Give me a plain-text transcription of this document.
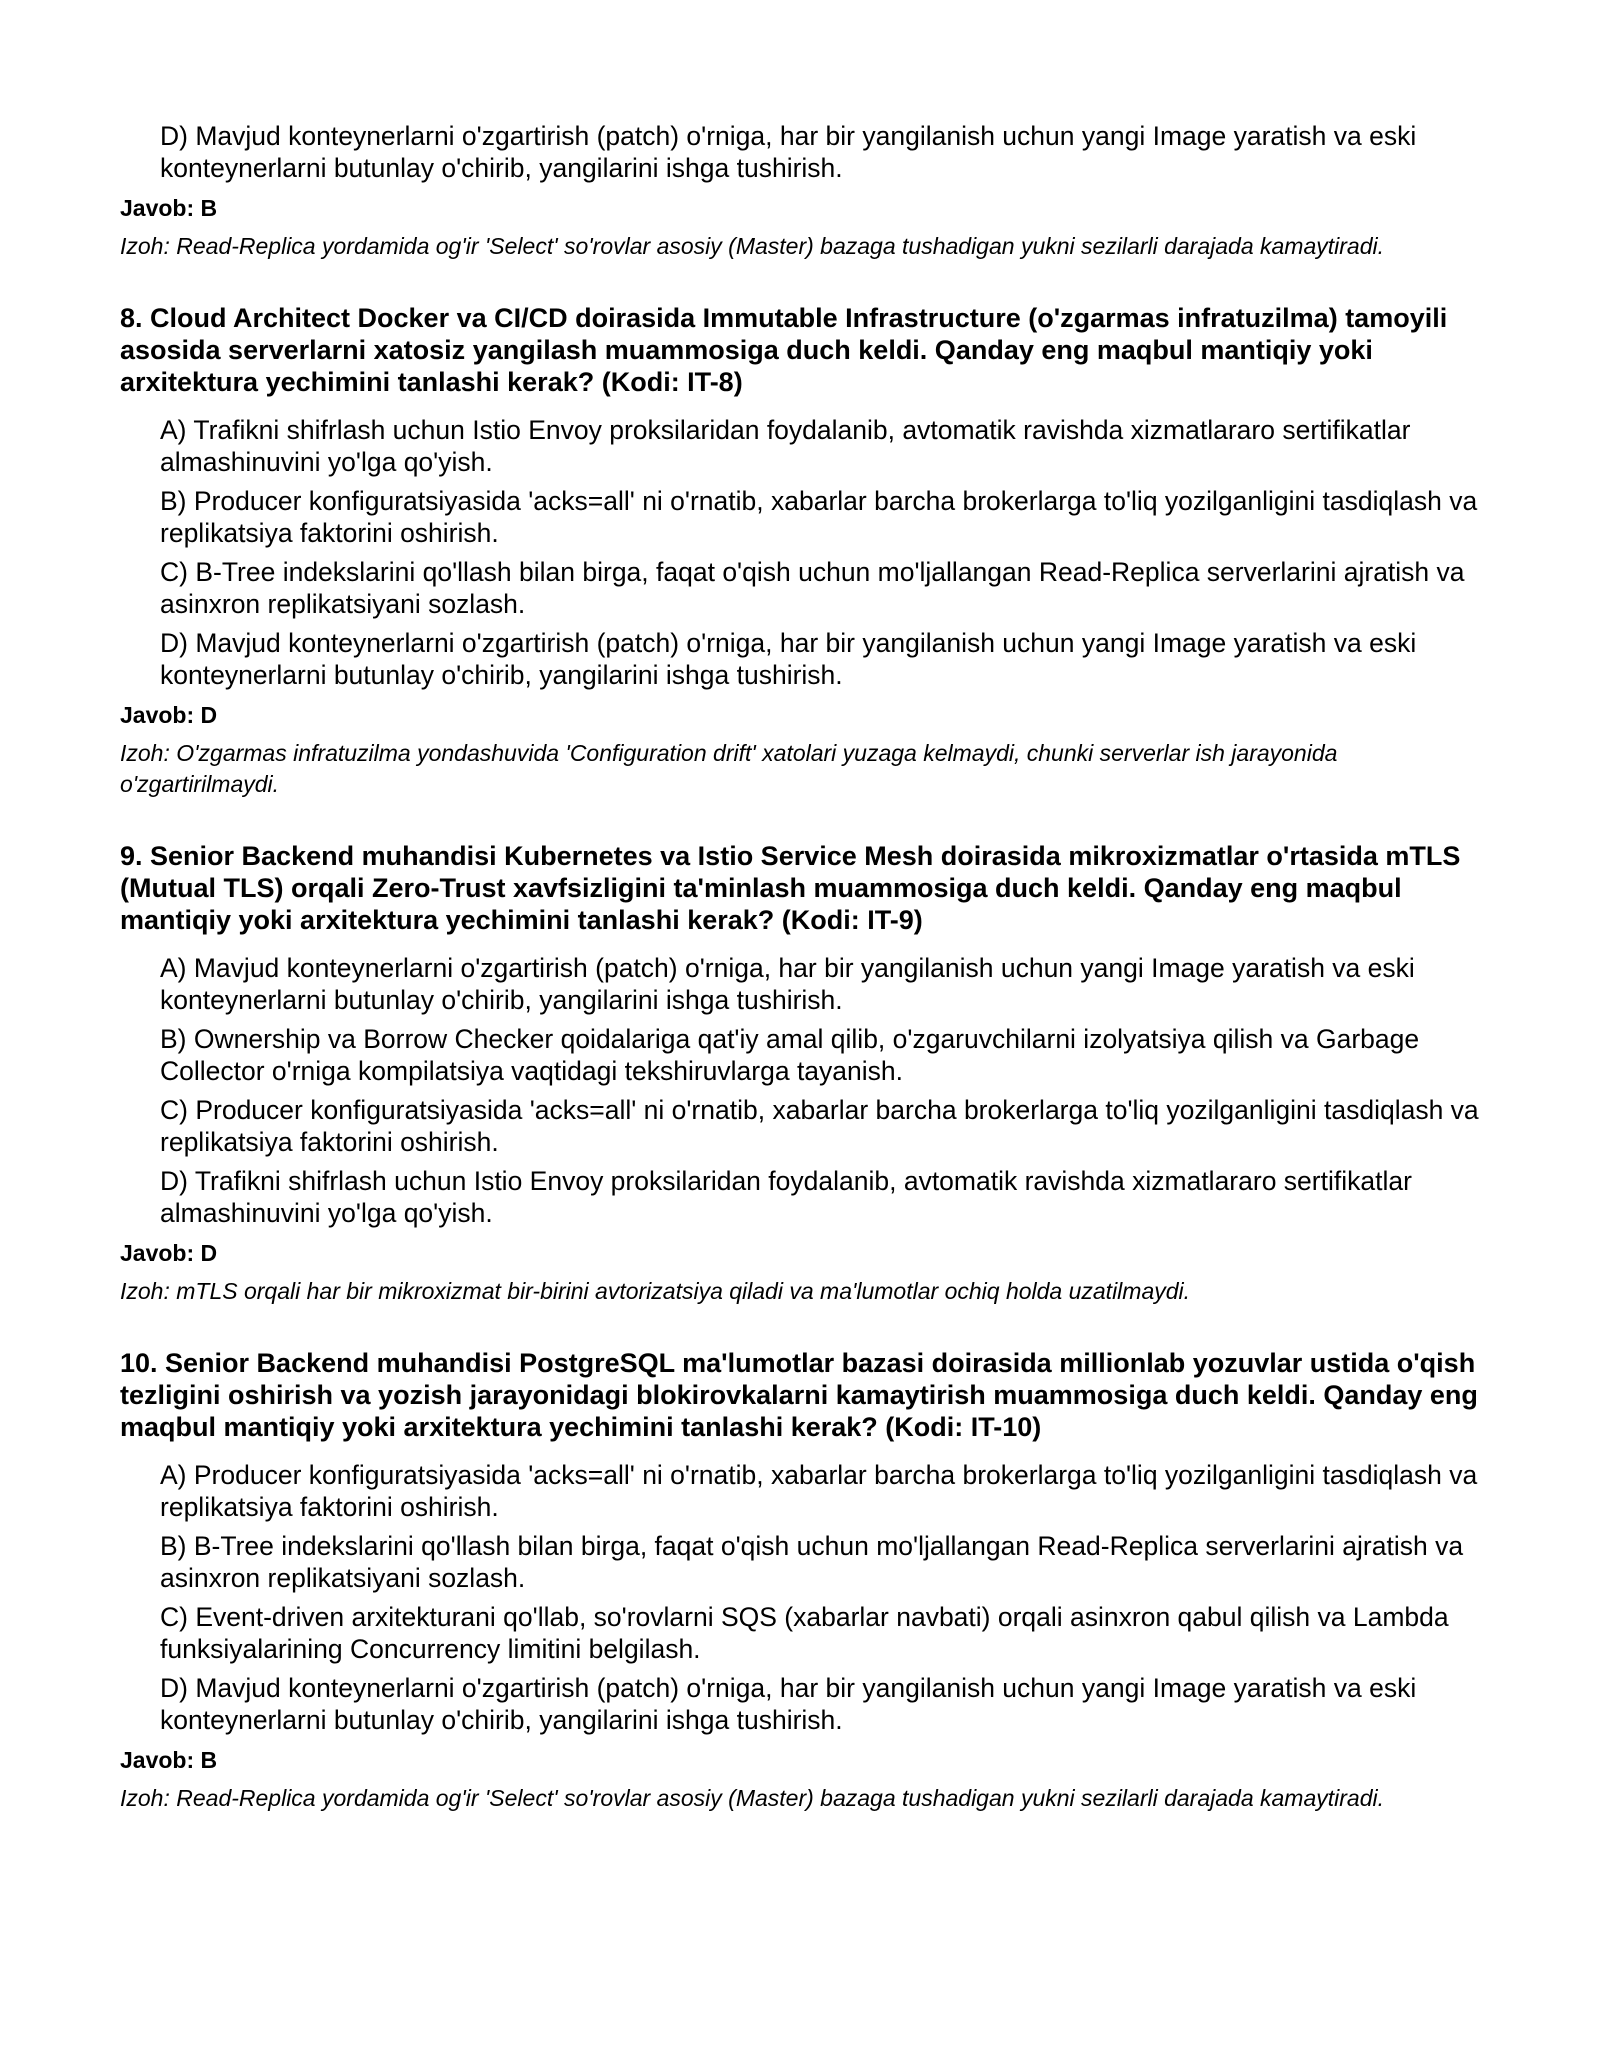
D) Mavjud konteynerlarni o'zgartirish (patch) o'rniga, har bir yangilanish uchun yangi Image yaratish va eski konteynerlarni butunlay o'chirib, yangilarini ishga tushirish.
Javob: B
Izoh: Read-Replica yordamida og'ir 'Select' so'rovlar asosiy (Master) bazaga tushadigan yukni sezilarli darajada kamaytiradi.
8. Cloud Architect Docker va CI/CD doirasida Immutable Infrastructure (o'zgarmas infratuzilma) tamoyili asosida serverlarni xatosiz yangilash muammosiga duch keldi. Qanday eng maqbul mantiqiy yoki arxitektura yechimini tanlashi kerak? (Kodi: IT-8)
A) Trafikni shifrlash uchun Istio Envoy proksilaridan foydalanib, avtomatik ravishda xizmatlararo sertifikatlar almashinuvini yo'lga qo'yish.
B) Producer konfiguratsiyasida 'acks=all' ni o'rnatib, xabarlar barcha brokerlarga to'liq yozilganligini tasdiqlash va replikatsiya faktorini oshirish.
C) B-Tree indekslarini qo'llash bilan birga, faqat o'qish uchun mo'ljallangan Read-Replica serverlarini ajratish va asinxron replikatsiyani sozlash.
D) Mavjud konteynerlarni o'zgartirish (patch) o'rniga, har bir yangilanish uchun yangi Image yaratish va eski konteynerlarni butunlay o'chirib, yangilarini ishga tushirish.
Javob: D
Izoh: O'zgarmas infratuzilma yondashuvida 'Configuration drift' xatolari yuzaga kelmaydi, chunki serverlar ish jarayonida o'zgartirilmaydi.
9. Senior Backend muhandisi Kubernetes va Istio Service Mesh doirasida mikroxizmatlar o'rtasida mTLS (Mutual TLS) orqali Zero-Trust xavfsizligini ta'minlash muammosiga duch keldi. Qanday eng maqbul mantiqiy yoki arxitektura yechimini tanlashi kerak? (Kodi: IT-9)
A) Mavjud konteynerlarni o'zgartirish (patch) o'rniga, har bir yangilanish uchun yangi Image yaratish va eski konteynerlarni butunlay o'chirib, yangilarini ishga tushirish.
B) Ownership va Borrow Checker qoidalariga qat'iy amal qilib, o'zgaruvchilarni izolyatsiya qilish va Garbage Collector o'rniga kompilatsiya vaqtidagi tekshiruvlarga tayanish.
C) Producer konfiguratsiyasida 'acks=all' ni o'rnatib, xabarlar barcha brokerlarga to'liq yozilganligini tasdiqlash va replikatsiya faktorini oshirish.
D) Trafikni shifrlash uchun Istio Envoy proksilaridan foydalanib, avtomatik ravishda xizmatlararo sertifikatlar almashinuvini yo'lga qo'yish.
Javob: D
Izoh: mTLS orqali har bir mikroxizmat bir-birini avtorizatsiya qiladi va ma'lumotlar ochiq holda uzatilmaydi.
10. Senior Backend muhandisi PostgreSQL ma'lumotlar bazasi doirasida millionlab yozuvlar ustida o'qish tezligini oshirish va yozish jarayonidagi blokirovkalarni kamaytirish muammosiga duch keldi. Qanday eng maqbul mantiqiy yoki arxitektura yechimini tanlashi kerak? (Kodi: IT-10)
A) Producer konfiguratsiyasida 'acks=all' ni o'rnatib, xabarlar barcha brokerlarga to'liq yozilganligini tasdiqlash va replikatsiya faktorini oshirish.
B) B-Tree indekslarini qo'llash bilan birga, faqat o'qish uchun mo'ljallangan Read-Replica serverlarini ajratish va asinxron replikatsiyani sozlash.
C) Event-driven arxitekturani qo'llab, so'rovlarni SQS (xabarlar navbati) orqali asinxron qabul qilish va Lambda funksiyalarining Concurrency limitini belgilash.
D) Mavjud konteynerlarni o'zgartirish (patch) o'rniga, har bir yangilanish uchun yangi Image yaratish va eski konteynerlarni butunlay o'chirib, yangilarini ishga tushirish.
Javob: B
Izoh: Read-Replica yordamida og'ir 'Select' so'rovlar asosiy (Master) bazaga tushadigan yukni sezilarli darajada kamaytiradi.
